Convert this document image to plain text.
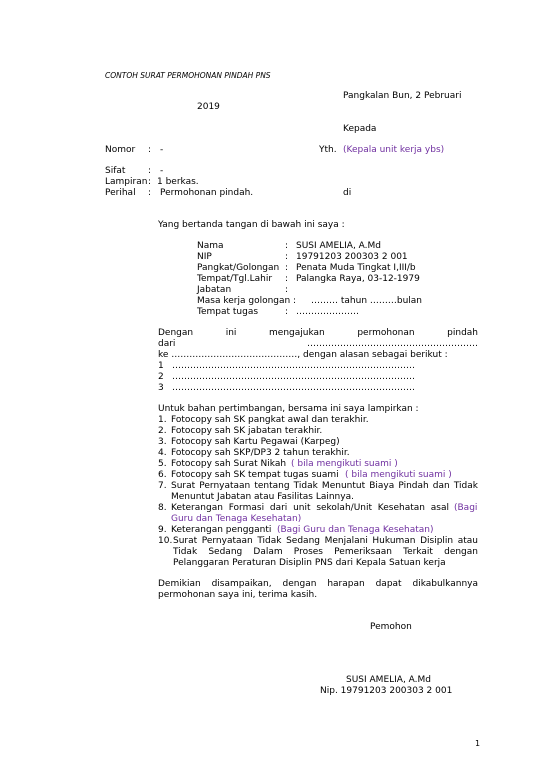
CONTOH SURAT PERMOHONAN PINDAH PNS
Pangkalan Bun, 2 Pebruari
2019
Kepada
Nomor : -	Yth. (Kepala unit kerja ybs)
Sifat	: -
Lampiran : 1 berkas.
Perihal : Permohonan pindah.	di
Yang bertanda tangan di bawah ini saya :
Nama	: SUSI AMELIA, A.Md
NIP	: 19791203 200303 2 001
Pangkat/Golongan : Penata Muda Tingkat I,III/b
Tempat/Tgl.Lahir : Palangka Raya, 03-12-1979
Jabatan	:
Masa kerja golongan : ……… tahun ………bulan
Tempat tugas	: …………………
Dengan ini mengajukan permohonan pindah
dari	…………………………………………………
ke ……………………………………, dengan alasan sebagai berikut :
1 ………………………………………………………………………
2 ………………………………………………………………………
3 ………………………………………………………………………
Untuk bahan pertimbangan, bersama ini saya lampirkan :
1. Fotocopy sah SK pangkat awal dan terakhir.
2. Fotocopy sah SK jabatan terakhir.
3. Fotocopy sah Kartu Pegawai (Karpeg)
4. Fotocopy sah SKP/DP3 2 tahun terakhir.
5. Fotocopy sah Surat Nikah ( bila mengikuti suami )
6. Fotocopy sah SK tempat tugas suami ( bila mengikuti suami )
7. Surat Pernyataan tentang Tidak Menuntut Biaya Pindah dan Tidak
Menuntut Jabatan atau Fasilitas Lainnya.
8. Keterangan Formasi dari unit sekolah/Unit Kesehatan asal (Bagi
Guru dan Tenaga Kesehatan)
9. Keterangan pengganti (Bagi Guru dan Tenaga Kesehatan)
10. Surat Pernyataan Tidak Sedang Menjalani Hukuman Disiplin atau
Tidak Sedang Dalam Proses Pemeriksaan Terkait dengan
Pelanggaran Peraturan Disiplin PNS dari Kepala Satuan kerja
Demikian disampaikan, dengan harapan dapat dikabulkannya
permohonan saya ini, terima kasih.
Pemohon
SUSI AMELIA, A.Md
Nip. 19791203 200303 2 001
1
